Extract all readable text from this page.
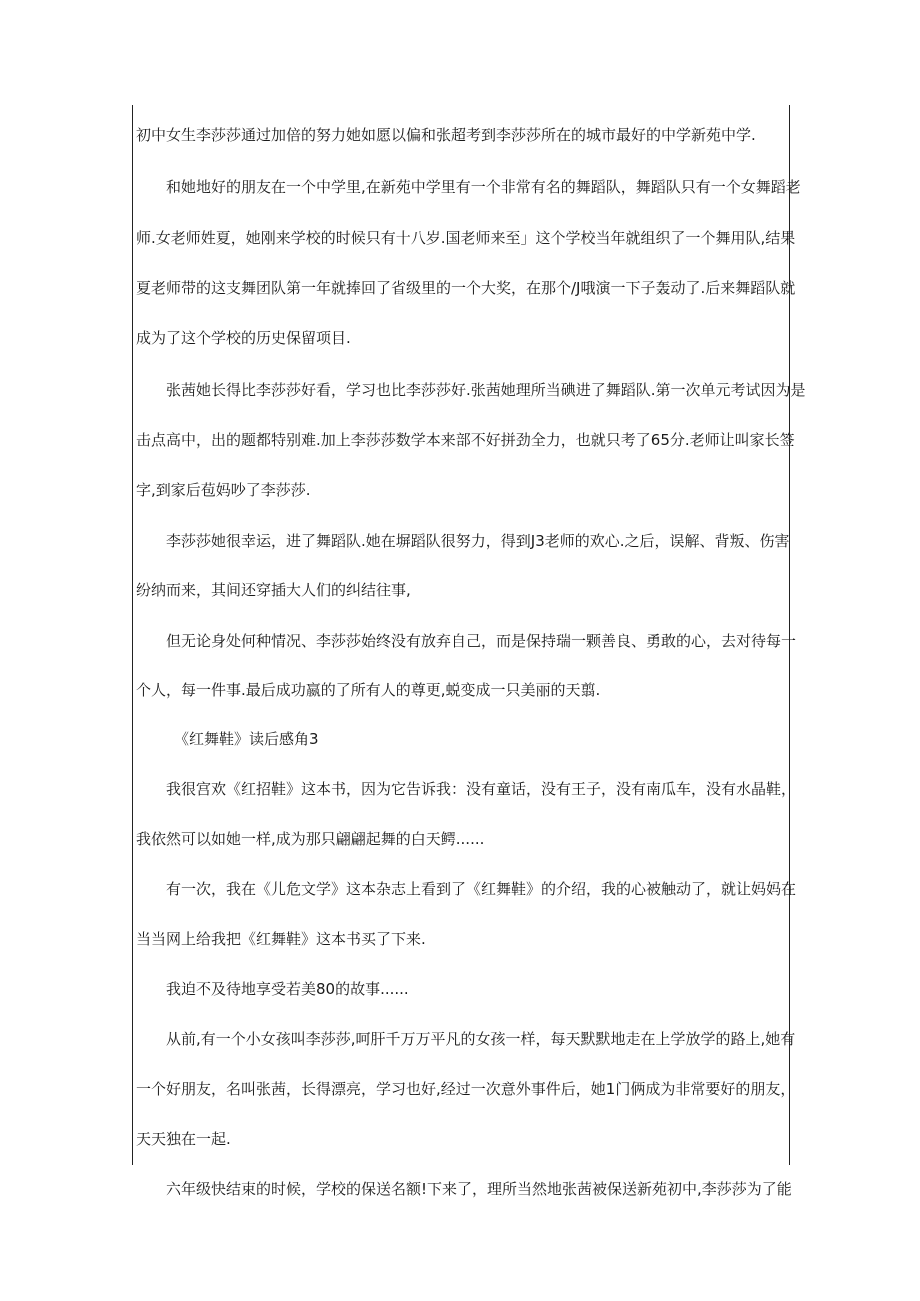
初中女生李莎莎通过加倍的努力她如愿以偏和张超考到李莎莎所在的城市最好的中学新苑中学.
和她地好的朋友在一个中学里,在新苑中学里有一个非常有名的舞蹈队，舞蹈队只有一个女舞蹈老
师.女老师姓夏，她刚来学校的时候只有十八岁.国老师来至」这个学校当年就组织了一个舞用队,结果
夏老师带的这支舞团队第一年就捧回了省级里的一个大奖，在那个/J哦演一下子轰动了.后来舞蹈队就
成为了这个学校的历史保留项目.
张茜她长得比李莎莎好看，学习也比李莎莎好.张茜她理所当碘进了舞蹈队.第一次单元考试因为是
击点高中，出的题都特别难.加上李莎莎数学本来部不好拼劲全力，也就只考了65分.老师让叫家长签
字,到家后苞妈吵了李莎莎.
李莎莎她很幸运，进了舞蹈队.她在塀蹈队很努力，得到J3老师的欢心.之后，误解、背叛、伤害
纷纳而来，其间还穿插大人们的纠结往事,
但无论身处何种情况、李莎莎始终没有放弃自己，而是保持瑞一颗善良、勇敢的心，去对待每一
个人，每一件事.最后成功嬴的了所有人的尊更,蜕变成一只美丽的天翦.
《红舞鞋》读后感角3
我很宫欢《红招鞋》这本书，因为它告诉我：没有童话，没有王子，没有南瓜车，没有水晶鞋，
我依然可以如她一样,成为那只翩翩起舞的白天鳄......
有一次，我在《儿危文学》这本杂志上看到了《红舞鞋》的介绍，我的心被触动了，就让妈妈在
当当网上给我把《红舞鞋》这本书买了下来.
我迫不及待地享受若美80的故事......
从前,有一个小女孩叫李莎莎,呵肝千万万平凡的女孩一样，每天默默地走在上学放学的路上,她有
一个好朋友，名叫张茜，长得漂亮，学习也好,经过一次意外事件后，她1门俩成为非常要好的朋友，
天天独在一起.
六年级快结束的时候，学校的保送名额!下来了，理所当然地张茜被保送新苑初中,李莎莎为了能
